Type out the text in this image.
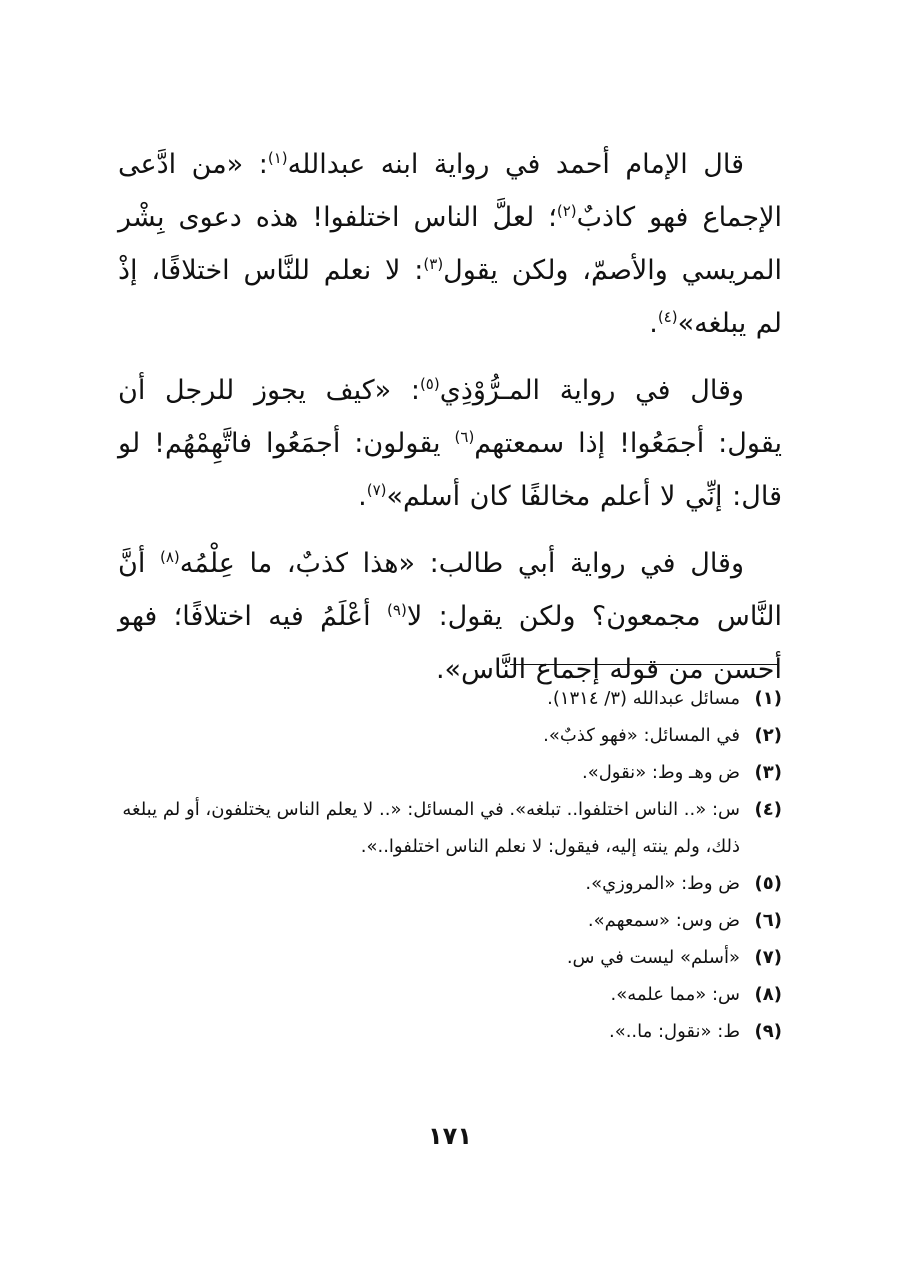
قال الإمام أحمد في رواية ابنه عبدالله$^{(١)}$: «من ادَّعى الإجماع فهو كاذبٌ$^{(٢)}$؛ لعلَّ الناس اختلفوا! هذه دعوى بِشْر المريسي والأصمّ، ولكن يقول$^{(٣)}$: لا نعلم للنَّاس اختلافًا، إذْ لم يبلغه»$^{(٤)}$.

وقال في رواية المـرُّوْذِي$^{(٥)}$: «كيف يجوز للرجل أن يقول: أجمَعُوا! إذا سمعتهم$^{(٦)}$ يقولون: أجمَعُوا فاتَّهِمْهُم! لو قال: إنِّي لا أعلم مخالفًا كان أسلم»$^{(٧)}$.

وقال في رواية أبي طالب: «هذا كذبٌ، ما عِلْمُه$^{(٨)}$ أنَّ النَّاس مجمعون؟ ولكن يقول: لا$^{(٩)}$ أعْلَمُ فيه اختلافًا؛ فهو أحسن من قوله إجماع النَّاس».

(١)
مسائل عبدالله (٣/ ١٣١٤).
(٢)
في المسائل: «فهو كذبٌ».
(٣)
ض وهـ وط: «نقول».
(٤)
س: «.. الناس اختلفوا.. تبلغه». في المسائل: «.. لا يعلم الناس يختلفون، أو لم يبلغه ذلك، ولم ينته إليه، فيقول: لا نعلم الناس اختلفوا..».
(٥)
ض وط: «المروزي».
(٦)
ض وس: «سمعهم».
(٧)
«أسلم» ليست في س.
(٨)
س: «مما علمه».
(٩)
ط: «نقول: ما..».
١٧١
